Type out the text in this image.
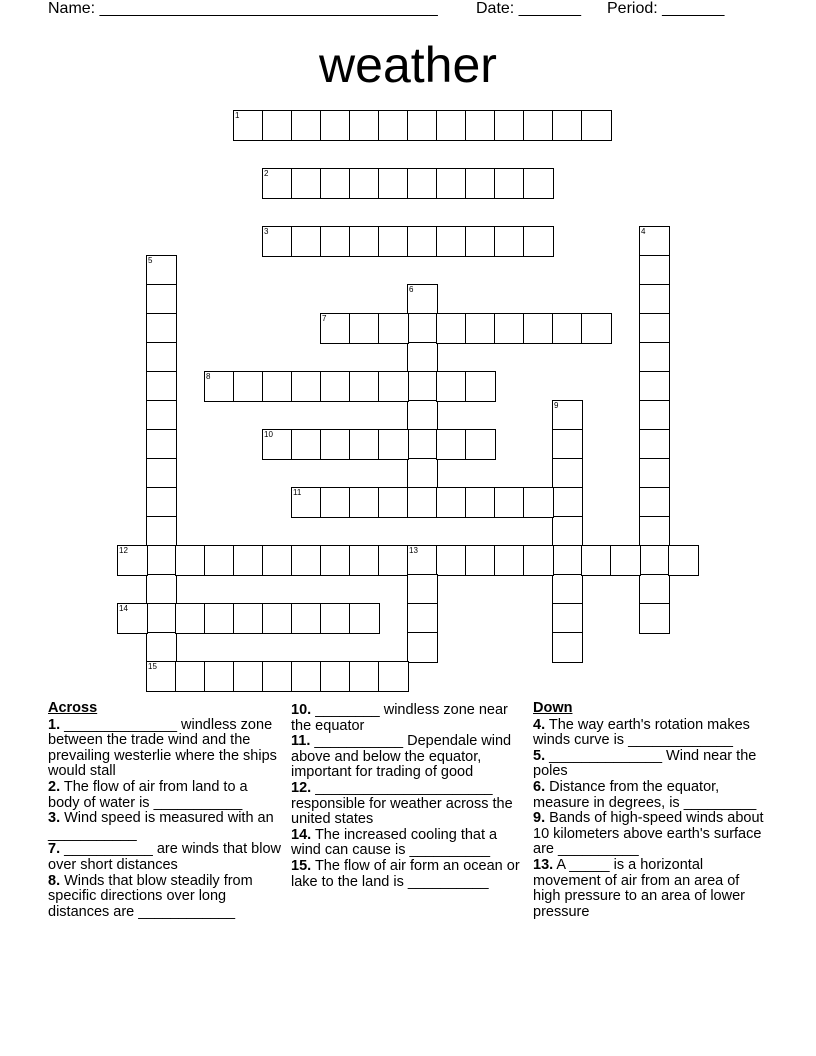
Name: ______________________________________ Date: _______ Period: _______
weather
1
2
3	4
5
15
6
7
8
9
10
11
12	13
14
Across
1. ______________ windless zone between the trade wind and the prevailing westerlie where the ships would stall
2. The flow of air from land to a body of water is ___________
3. Wind speed is measured with an ___________
7. ___________ are winds that blow over short distances
8. Winds that blow steadily from specific directions over long distances are ____________
10. ________ windless zone near the equator
11. ___________ Dependale wind above and below the equator, important for trading of good
12. ______________________ responsible for weather across the united states
14. The increased cooling that a wind can cause is __________
15. The flow of air form an ocean or lake to the land is __________
Down
4. The way earth's rotation makes winds curve is _____________
5. ______________ Wind near the poles
6. Distance from the equator, measure in degrees, is _________
9. Bands of high-speed winds about 10 kilometers above earth's surface are __________
13. A _____ is a horizontal movement of air from an area of high pressure to an area of lower pressure
